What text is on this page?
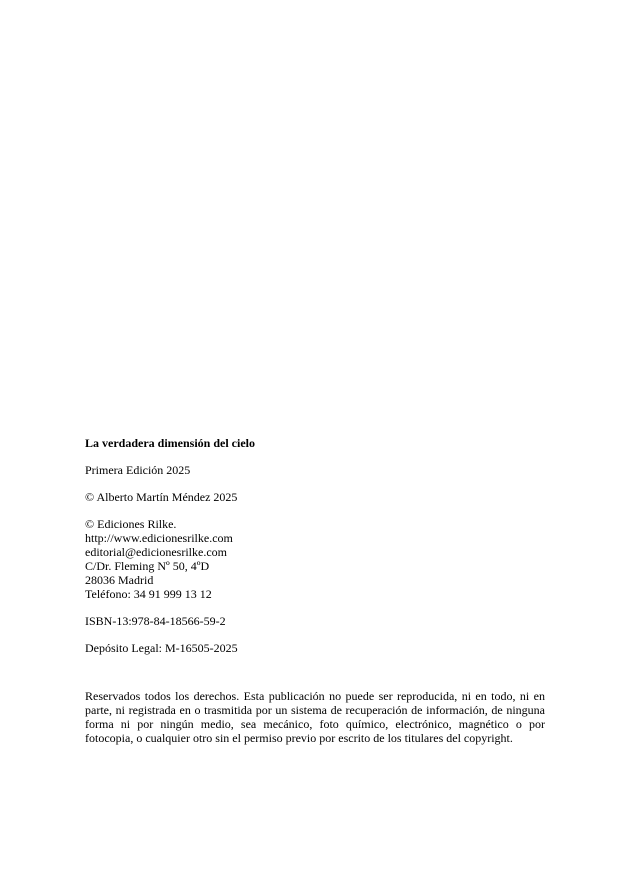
La verdadera dimensión del cielo
Primera Edición 2025
© Alberto Martín Méndez 2025
© Ediciones Rilke.
http://www.edicionesrilke.com
editorial@edicionesrilke.com
C/Dr. Fleming Nº 50, 4ºD
28036 Madrid
Teléfono: 34 91 999 13 12
ISBN-13:978-84-18566-59-2
Depósito Legal: M-16505-2025
Reservados todos los derechos. Esta publicación no puede ser reproducida, ni en todo, ni en parte, ni registrada en o trasmitida por un sistema de recuperación de información, de ninguna forma ni por ningún medio, sea mecánico, foto químico, electrónico, magnético o por fotocopia, o cualquier otro sin el permiso previo por escrito de los titulares del copyright.
